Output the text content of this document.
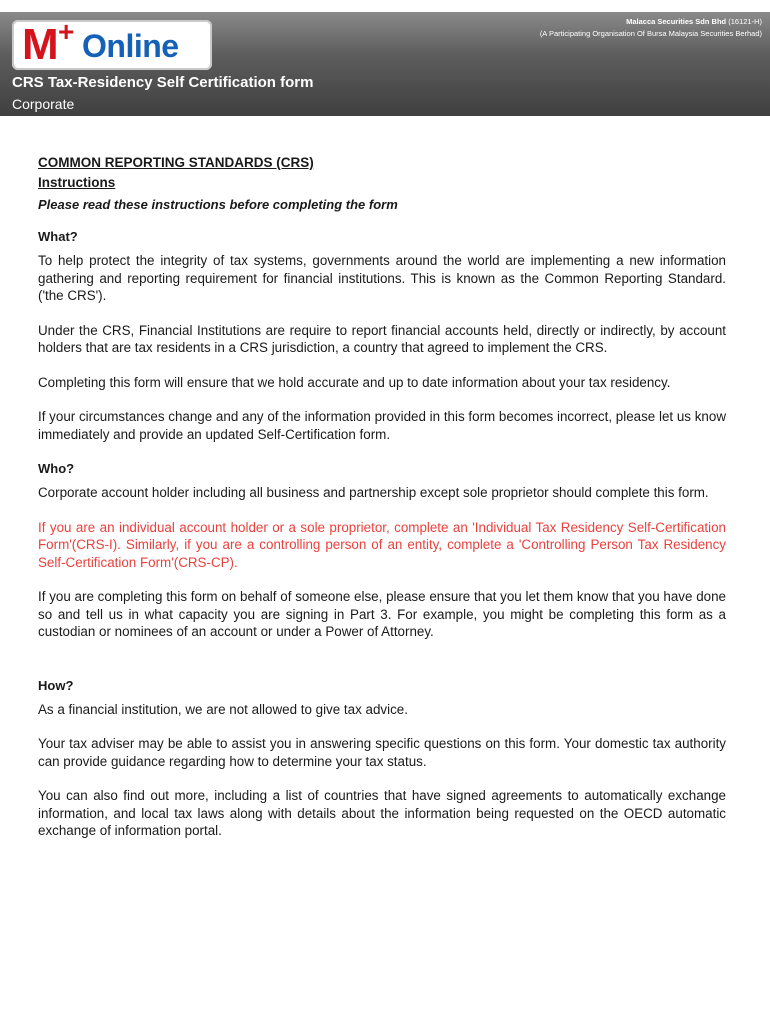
M + Online
Malacca Securities Sdn Bhd (16121-H)
(A Participating Organisation Of Bursa Malaysia Securities Berhad)
CRS Tax-Residency Self Certification form
Corporate
COMMON REPORTING STANDARDS (CRS)
Instructions
Please read these instructions before completing the form
What?

To help protect the integrity of tax systems, governments around the world are implementing a new information gathering and reporting requirement for financial institutions. This is known as the Common Reporting Standard. ('the CRS').

Under the CRS, Financial Institutions are require to report financial accounts held, directly or indirectly, by account holders that are tax residents in a CRS jurisdiction, a country that agreed to implement the CRS.

Completing this form will ensure that we hold accurate and up to date information about your tax residency.

If your circumstances change and any of the information provided in this form becomes incorrect, please let us know immediately and provide an updated Self-Certification form.

Who?

Corporate account holder including all business and partnership except sole proprietor should complete this form.

If you are an individual account holder or a sole proprietor, complete an 'Individual Tax Residency Self-Certification Form'(CRS-I). Similarly, if you are a controlling person of an entity, complete a 'Controlling Person Tax Residency Self-Certification Form'(CRS-CP).

If you are completing this form on behalf of someone else, please ensure that you let them know that you have done so and tell us in what capacity you are signing in Part 3. For example, you might be completing this form as a custodian or nominees of an account or under a Power of Attorney.

How?

As a financial institution, we are not allowed to give tax advice.

Your tax adviser may be able to assist you in answering specific questions on this form. Your domestic tax authority can provide guidance regarding how to determine your tax status.

You can also find out more, including a list of countries that have signed agreements to automatically exchange information, and local tax laws along with details about the information being requested on the OECD automatic exchange of information portal.
